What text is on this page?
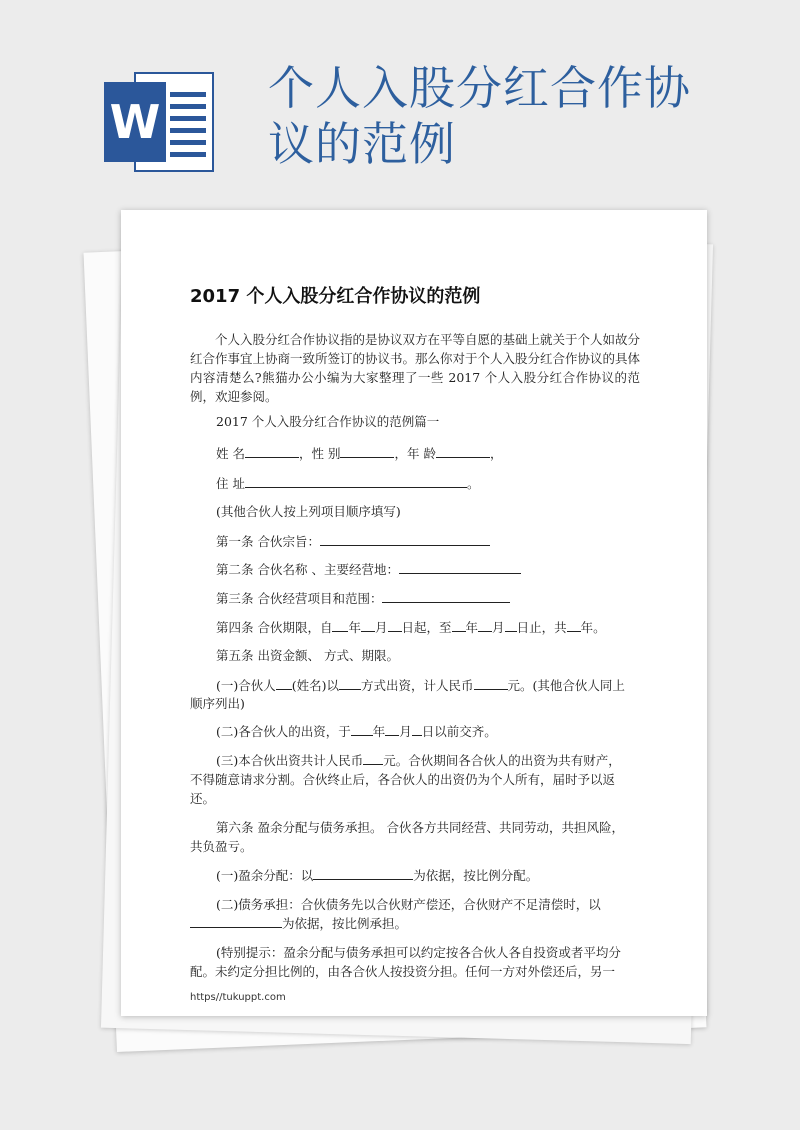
W
个人入股分红合作协议的范例
2017 个人入股分红合作协议的范例

个人入股分红合作协议指的是协议双方在平等自愿的基础上就关于个人如故分红合作事宜上协商一致所签订的协议书。那么你对于个人入股分红合作协议的具体内容清楚么?熊猫办公小编为大家整理了一些 2017 个人入股分红合作协议的范例，欢迎参阅。

2017 个人入股分红合作协议的范例篇一

姓 名	，性 别	，年 龄	，

住 址	。

(其他合伙人按上列项目顺序填写)

第一条 合伙宗旨：

第二条 合伙名称 、主要经营地：

第三条 合伙经营项目和范围：

第四条 合伙期限，自 年 月 日起，至 年 月 日止，共 年。

第五条 出资金额、 方式、期限。

(一)合伙人 (姓名)以 方式出资，计人民币	元。(其他合伙人同上

顺序列出)

(二)各合伙人的出资，于 年 月 日以前交齐。

(三)本合伙出资共计人民币 元。合伙期间各合伙人的出资为共有财产，

不得随意请求分割。合伙终止后，各合伙人的出资仍为个人所有，届时予以返

还。

第六条 盈余分配与债务承担。 合伙各方共同经营、共同劳动，共担风险，

共负盈亏。

(一)盈余分配：以	为依据，按比例分配。

(二)债务承担：合伙债务先以合伙财产偿还，合伙财产不足清偿时，以

为依据，按比例承担。

(特别提示：盈余分配与债务承担可以约定按各合伙人各自投资或者平均分

配。未约定分担比例的，由各合伙人按投资分担。任何一方对外偿还后，另一

https//tukuppt.com
